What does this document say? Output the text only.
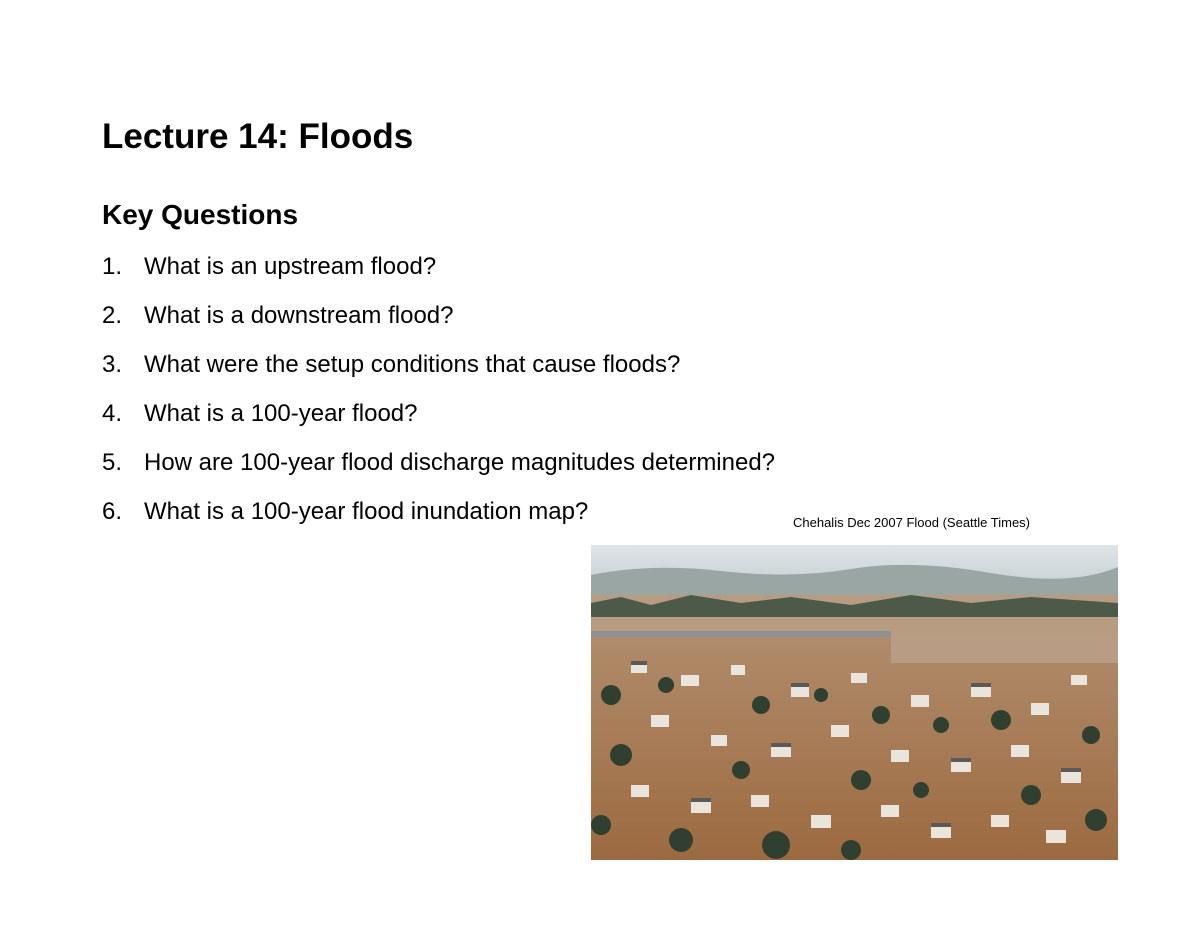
Lecture 14: Floods
Key Questions
1. What is an upstream flood?
2. What is a downstream flood?
3. What were the setup conditions that cause floods?
4. What is a 100-year flood?
5. How are 100-year flood discharge magnitudes determined?
6. What is a 100-year flood inundation map?	Chehalis Dec 2007 Flood (Seattle Times)
